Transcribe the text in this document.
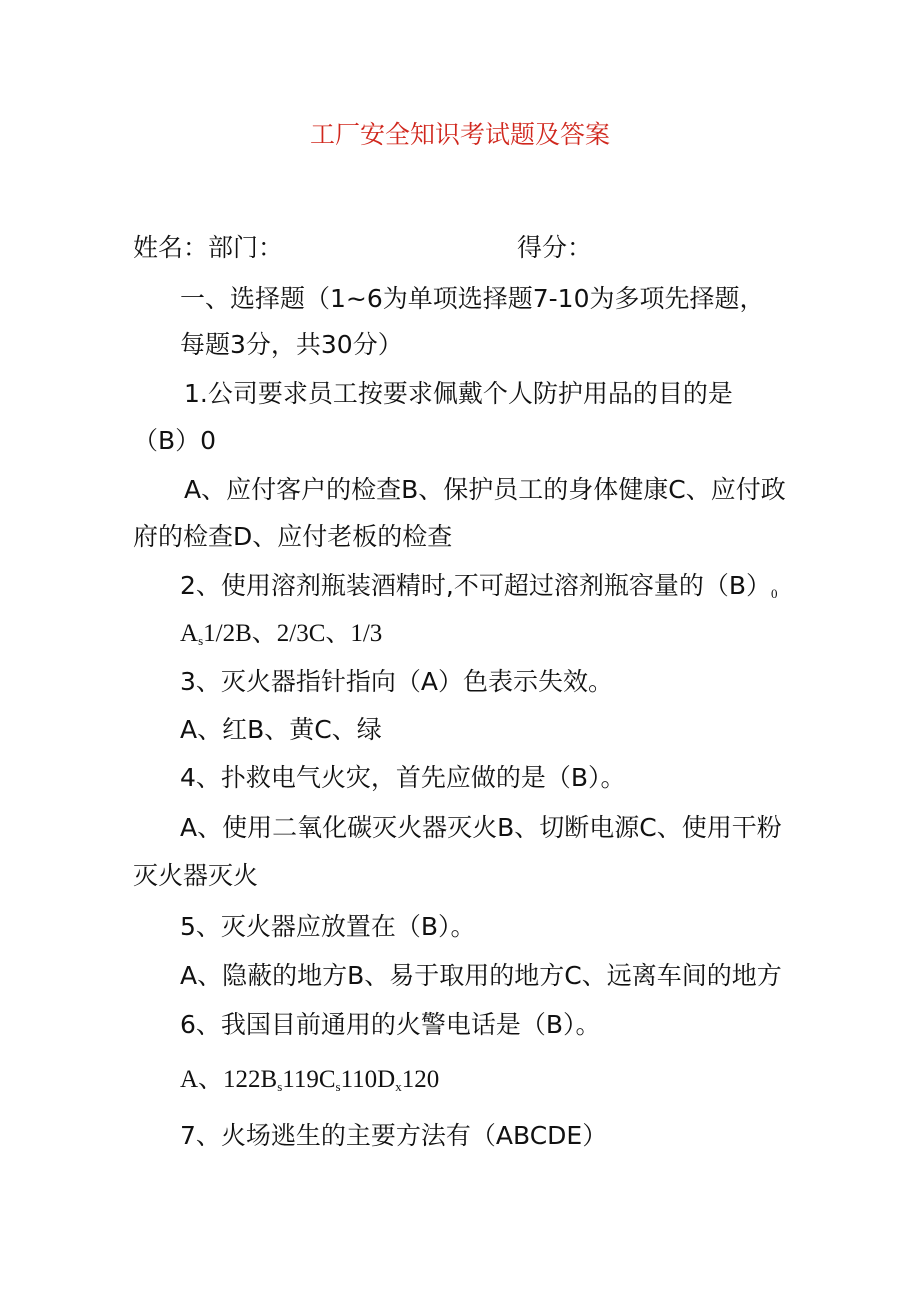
工厂安全知识考试题及答案
姓名：部门：	得分：
一、选择题（1~6为单项选择题7-10为多项先择题，
每题3分，共30分）
1.公司要求员工按要求佩戴个人防护用品的目的是
（B）0
A、应付客户的检查B、保护员工的身体健康C、应付政
府的检查D、应付老板的检查
2、使用溶剂瓶装酒精时,不可超过溶剂瓶容量的$(B)_0$
$A_s1/2B$、2/3C、1/3
3、灭火器指针指向（A）色表示失效。
A、红B、黄C、绿
4、扑救电气火灾，首先应做的是（B）。
A、使用二氧化碳灭火器灭火B、切断电源C、使用干粉
灭火器灭火
5、灭火器应放置在（B）。
A、隐蔽的地方B、易于取用的地方C、远离车间的地方
6、我国目前通用的火警电话是（B）。
A、$122B_s119C_s110D_x120$
7、火场逃生的主要方法有（ABCDE）
